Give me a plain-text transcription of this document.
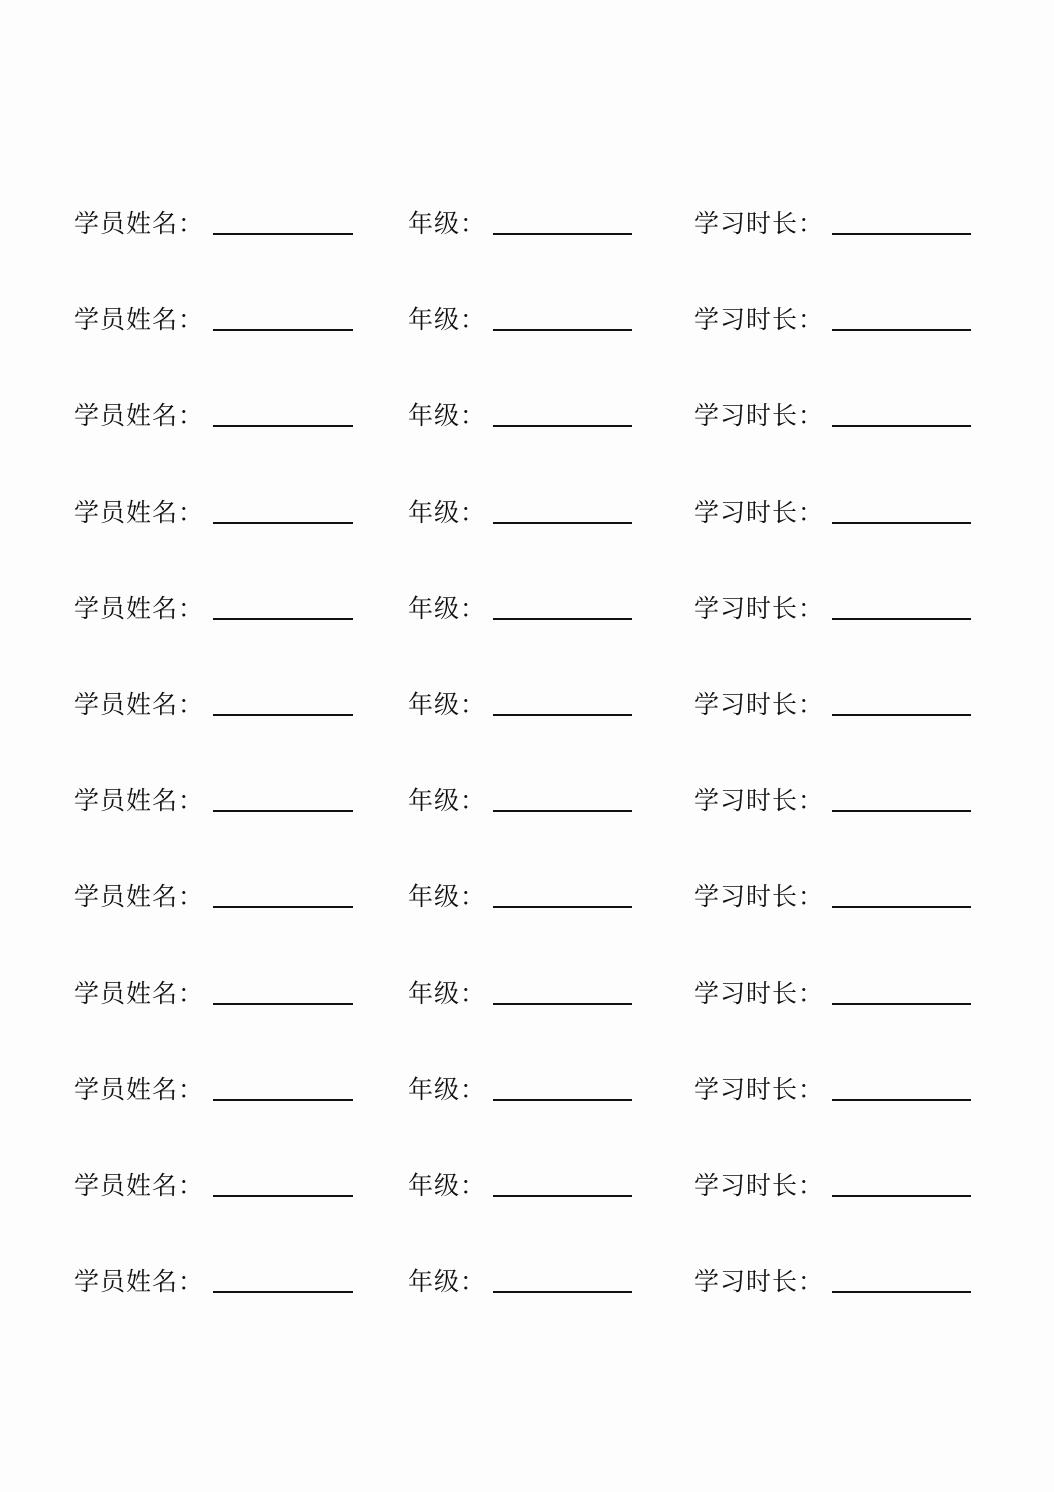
学员姓名：	年级：	学习时长：
学员姓名：	年级：	学习时长：
学员姓名：	年级：	学习时长：
学员姓名：	年级：	学习时长：
学员姓名：	年级：	学习时长：
学员姓名：	年级：	学习时长：
学员姓名：	年级：	学习时长：
学员姓名：	年级：	学习时长：
学员姓名：	年级：	学习时长：
学员姓名：	年级：	学习时长：
学员姓名：	年级：	学习时长：
学员姓名：	年级：	学习时长：
